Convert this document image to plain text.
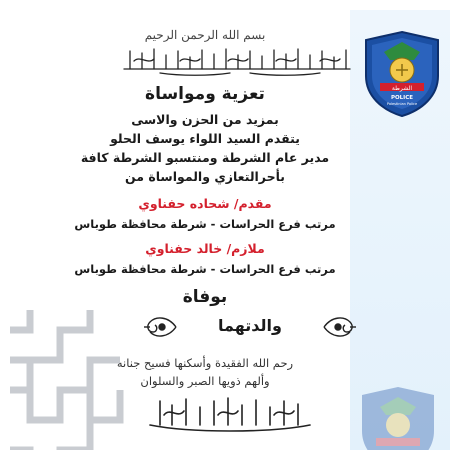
الشرطة
POLICE
Palestinian Police
بسم الله الرحمن الرحيم
بشر الصابرين الذين إذا أصابتهم مصيبة قالوا إنا لله وإنا إليه راجعون
تعزية ومواساة
بمزيد من الحزن والاسى
يتقدم السيد اللواء يوسف الحلو
مدير عام الشرطة ومنتسبو الشرطة كافة
بأحرالتعازي والمواساة من
مقدم/ شحاده حفناوي
مرتب فرع الحراسات - شرطة محافظة طوباس
ملازم/ خالد حفناوي
مرتب فرع الحراسات - شرطة محافظة طوباس
بوفاة
والدتهما
رحم الله الفقيدة وأسكنها فسيح جنانه
وألهم ذويها الصبر والسلوان
إنا لله وإنا إليه راجعون
